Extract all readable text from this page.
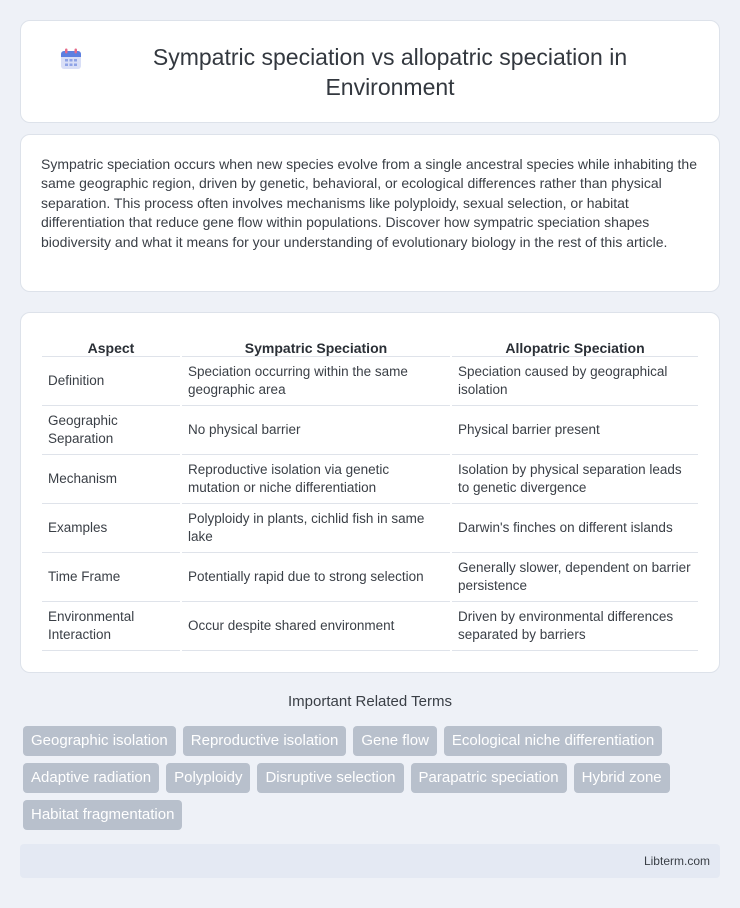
Sympatric speciation vs allopatric speciation in Environment

Sympatric speciation occurs when new species evolve from a single ancestral species while inhabiting the same geographic region, driven by genetic, behavioral, or ecological differences rather than physical separation. This process often involves mechanisms like polyploidy, sexual selection, or habitat differentiation that reduce gene flow within populations. Discover how sympatric speciation shapes biodiversity and what it means for your understanding of evolutionary biology in the rest of this article.

Aspect	Sympatric Speciation	Allopatric Speciation
Definition	Speciation occurring within the same geographic area	Speciation caused by geographical isolation
Geographic Separation	No physical barrier	Physical barrier present
Mechanism	Reproductive isolation via genetic mutation or niche differentiation	Isolation by physical separation leads to genetic divergence
Examples	Polyploidy in plants, cichlid fish in same lake	Darwin's finches on different islands
Time Frame	Potentially rapid due to strong selection	Generally slower, dependent on barrier persistence
Environmental Interaction	Occur despite shared environment	Driven by environmental differences separated by barriers
Important Related Terms
Geographic isolation	Reproductive isolation	Gene flow	Ecological niche differentiation
Adaptive radiation	Polyploidy	Disruptive selection	Parapatric speciation	Hybrid zone
Habitat fragmentation
Libterm.com
